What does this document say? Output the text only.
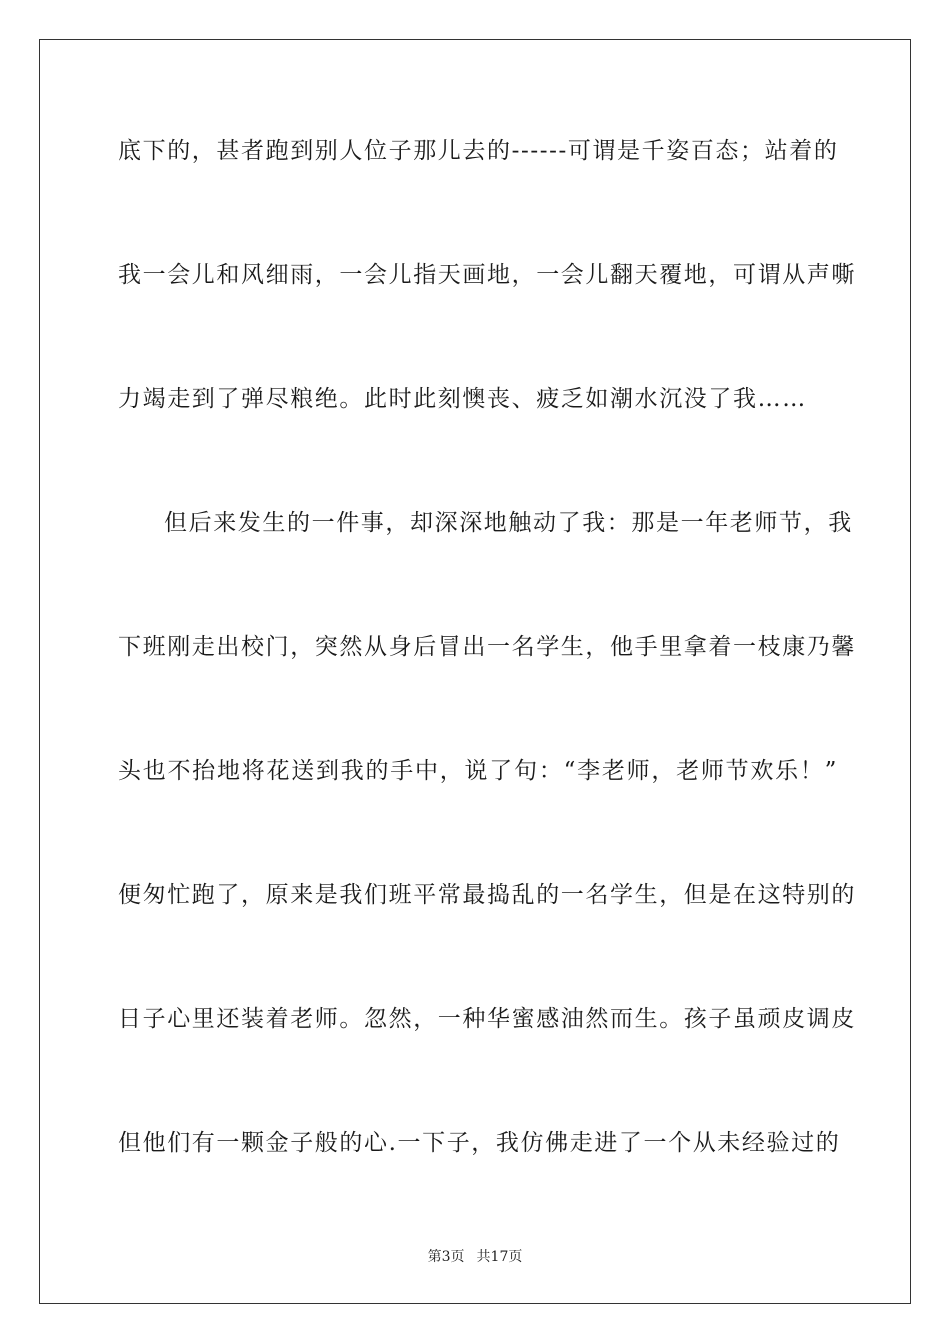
底下的，甚者跑到别人位子那儿去的------可谓是千姿百态；站着的
我一会儿和风细雨，一会儿指天画地，一会儿翻天覆地，可谓从声嘶
力竭走到了弹尽粮绝。此时此刻懊丧、疲乏如潮水沉没了我……
但后来发生的一件事，却深深地触动了我：那是一年老师节，我
下班刚走出校门，突然从身后冒出一名学生，他手里拿着一枝康乃馨
头也不抬地将花送到我的手中，说了句：“李老师，老师节欢乐！”
便匆忙跑了，原来是我们班平常最捣乱的一名学生，但是在这特别的
日子心里还装着老师。忽然，一种华蜜感油然而生。孩子虽顽皮调皮
但他们有一颗金子般的心.一下子，我仿佛走进了一个从未经验过的
第3页 共17页
